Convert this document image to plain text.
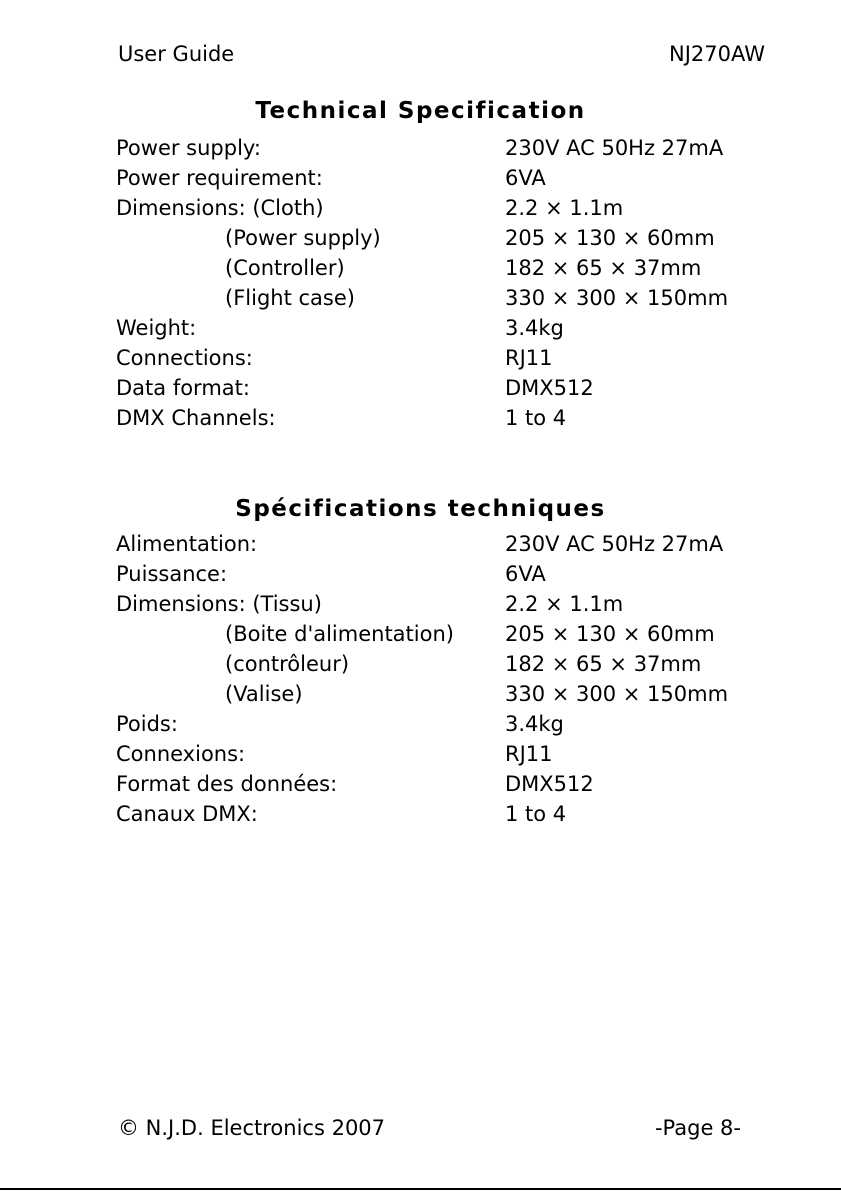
User Guide	NJ270AW
Technical Specification
Power supply:	230V AC 50Hz 27mA
Power requirement:	6VA
Dimensions: (Cloth)	2.2 × 1.1m
(Power supply)	205 × 130 × 60mm
(Controller)	182 × 65 × 37mm
(Flight case)	330 × 300 × 150mm
Weight:	3.4kg
Connections:	RJ11
Data format:	DMX512
DMX Channels:	1 to 4
Spécifications techniques
Alimentation:	230V AC 50Hz 27mA
Puissance:	6VA
Dimensions: (Tissu)	2.2 × 1.1m
(Boite d'alimentation) 205 × 130 × 60mm
(contrôleur)	182 × 65 × 37mm
(Valise)	330 × 300 × 150mm
Poids:	3.4kg
Connexions:	RJ11
Format des données:	DMX512
Canaux DMX:	1 to 4
© N.J.D. Electronics 2007	-Page 8-
